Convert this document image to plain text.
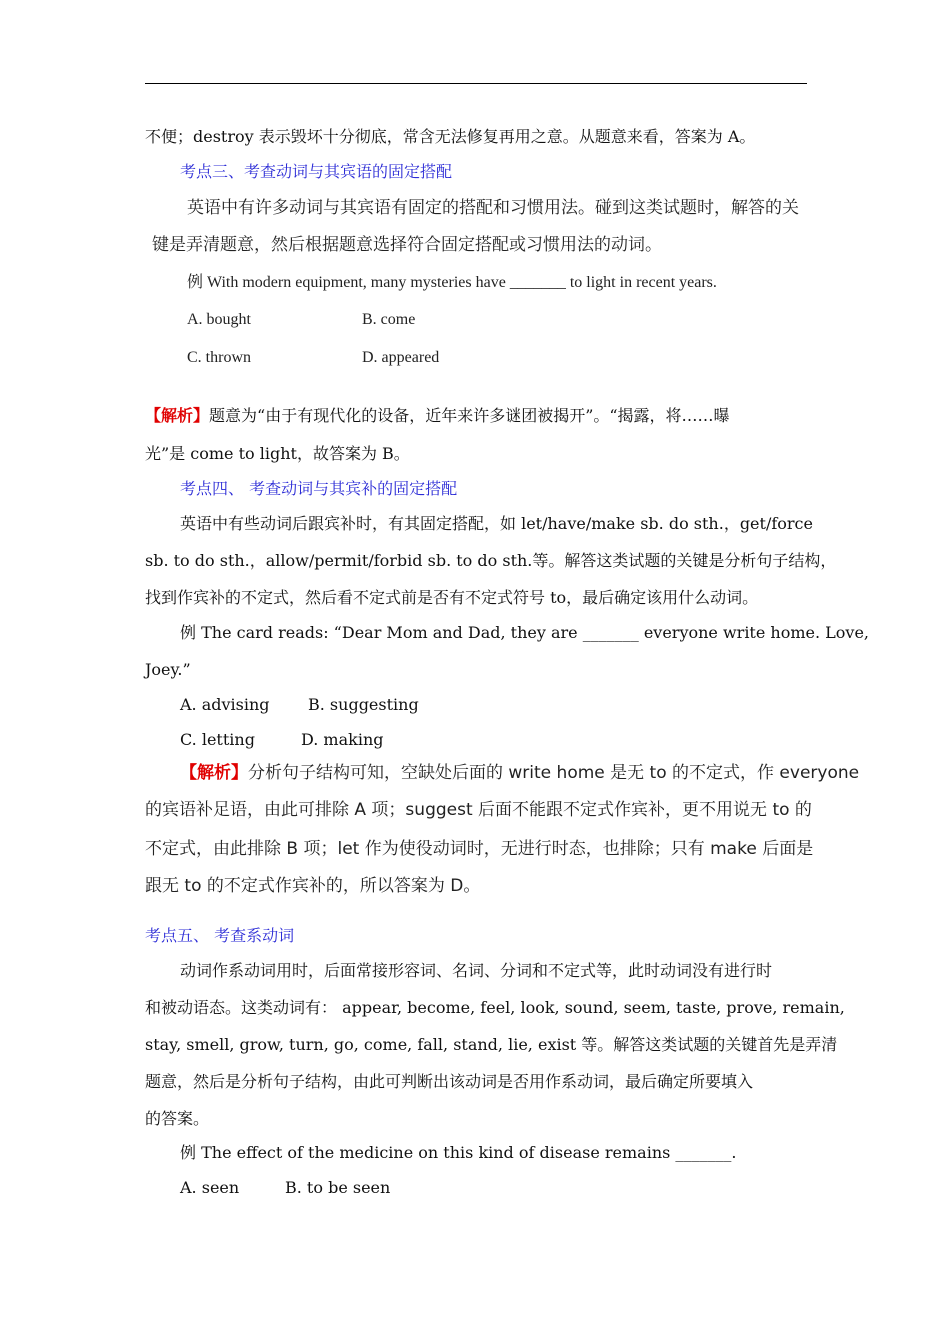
不便；destroy 表示毁坏十分彻底，常含无法修复再用之意。从题意来看，答案为 A。
考点三、考查动词与其宾语的固定搭配
英语中有许多动词与其宾语有固定的搭配和习惯用法。碰到这类试题时，解答的关
键是弄清题意，然后根据题意选择符合固定搭配或习惯用法的动词。
例 With modern equipment, many mysteries have _______ to light in recent years.
A. bought	B. come
C. thrown	D. appeared
【解析】题意为“由于有现代化的设备，近年来许多谜团被揭开”。“揭露，将……曝
光”是 come to light，故答案为 B。
考点四、 考查动词与其宾补的固定搭配
英语中有些动词后跟宾补时，有其固定搭配，如 let/have/make sb. do sth.，get/force
sb. to do sth.，allow/permit/forbid sb. to do sth.等。解答这类试题的关键是分析句子结构，
找到作宾补的不定式，然后看不定式前是否有不定式符号 to，最后确定该用什么动词。
例 The card reads: “Dear Mom and Dad, they are _______ everyone write home. Love,
Joey.”
A. advising B. suggesting
C. letting	D. making
【解析】分析句子结构可知，空缺处后面的 write home 是无 to 的不定式，作 everyone
的宾语补足语，由此可排除 A 项；suggest 后面不能跟不定式作宾补，更不用说无 to 的
不定式，由此排除 B 项；let 作为使役动词时，无进行时态，也排除；只有 make 后面是
跟无 to 的不定式作宾补的，所以答案为 D。
考点五、 考查系动词
动词作系动词用时，后面常接形容词、名词、分词和不定式等，此时动词没有进行时
和被动语态。这类动词有： appear, become, feel, look, sound, seem, taste, prove, remain,
stay, smell, grow, turn, go, come, fall, stand, lie, exist 等。解答这类试题的关键首先是弄清
题意，然后是分析句子结构，由此可判断出该动词是否用作系动词，最后确定所要填入
的答案。
例 The effect of the medicine on this kind of disease remains _______.
A. seen	B. to be seen
